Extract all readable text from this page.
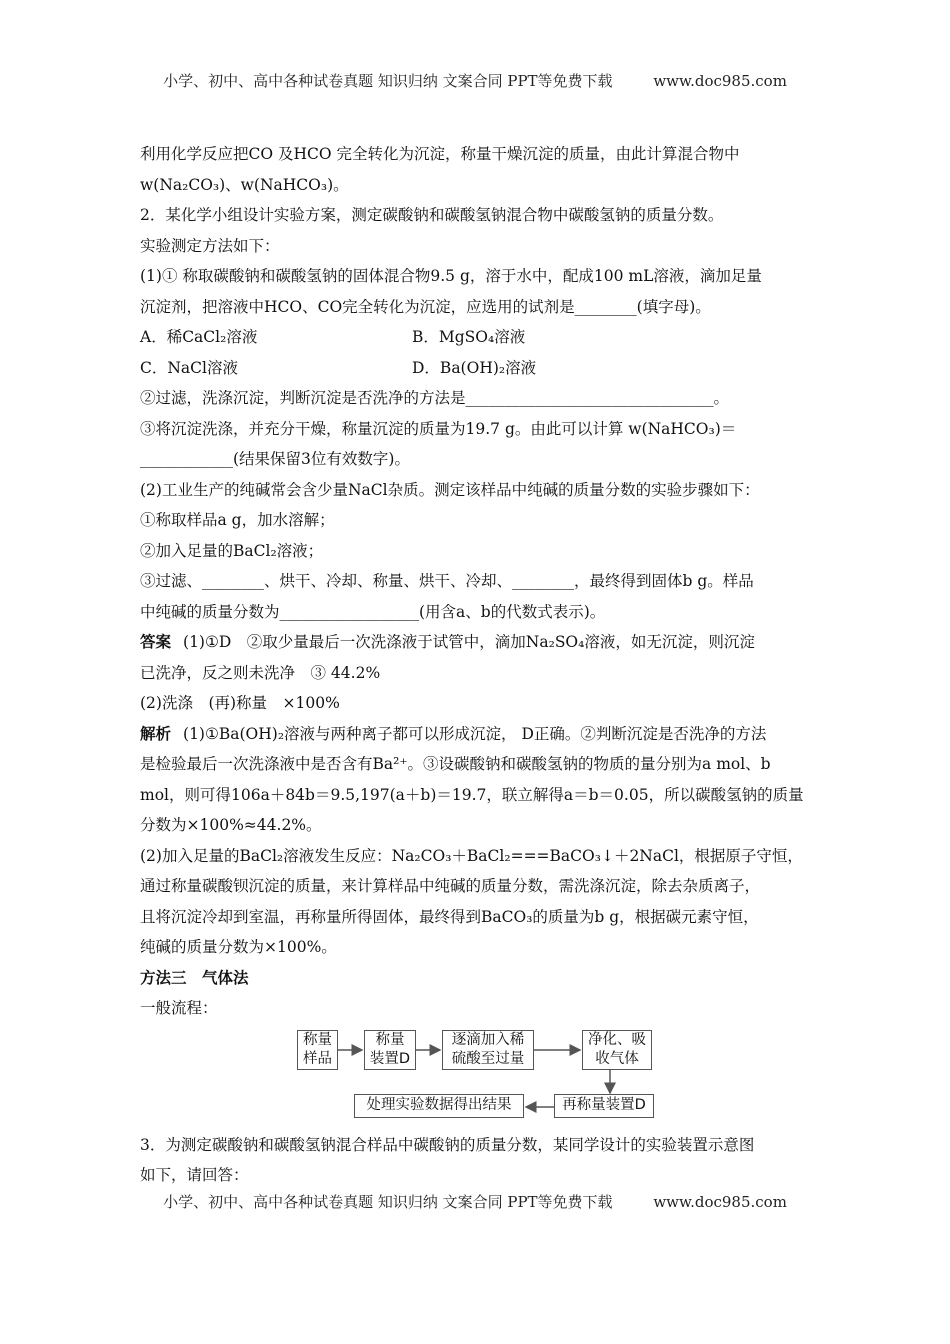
小学、初中、高中各种试卷真题 知识归纳 文案合同 PPT等免费下载	www.doc985.com

利用化学反应把CO 及HCO 完全转化为沉淀，称量干燥沉淀的质量，由此计算混合物中

w(Na₂CO₃)、w(NaHCO₃)。

2．某化学小组设计实验方案，测定碳酸钠和碳酸氢钠混合物中碳酸氢钠的质量分数。

实验测定方法如下：

(1)① 称取碳酸钠和碳酸氢钠的固体混合物9.5 g，溶于水中，配成100 mL溶液，滴加足量

沉淀剂，把溶液中HCO、CO完全转化为沉淀，应选用的试剂是________(填字母)。

A．稀CaCl₂溶液	B．MgSO₄溶液
C．NaCl溶液	D．Ba(OH)₂溶液

②过滤，洗涤沉淀，判断沉淀是否洗净的方法是________________________________。

③将沉淀洗涤，并充分干燥，称量沉淀的质量为19.7 g。由此可以计算 w(NaHCO₃)＝

____________(结果保留3位有效数字)。

(2)工业生产的纯碱常会含少量NaCl杂质。测定该样品中纯碱的质量分数的实验步骤如下：

①称取样品a g，加水溶解；

②加入足量的BaCl₂溶液；

③过滤、________、烘干、冷却、称量、烘干、冷却、________，最终得到固体b g。样品

中纯碱的质量分数为__________________(用含a、b的代数式表示)。

答案 (1)①D　②取少量最后一次洗涤液于试管中，滴加Na₂SO₄溶液，如无沉淀，则沉淀

已洗净，反之则未洗净　③ 44.2%

(2)洗涤　(再)称量　×100%

解析 (1)①Ba(OH)₂溶液与两种离子都可以形成沉淀， D正确。②判断沉淀是否洗净的方法

是检验最后一次洗涤液中是否含有Ba²⁺。③设碳酸钠和碳酸氢钠的物质的量分别为a mol、b

mol，则可得106a＋84b＝9.5,197(a＋b)＝19.7，联立解得a＝b＝0.05，所以碳酸氢钠的质量

分数为×100%≈44.2%。

(2)加入足量的BaCl₂溶液发生反应：Na₂CO₃＋BaCl₂===BaCO₃↓＋2NaCl，根据原子守恒，

通过称量碳酸钡沉淀的质量，来计算样品中纯碱的质量分数，需洗涤沉淀，除去杂质离子，

且将沉淀冷却到室温，再称量所得固体，最终得到BaCO₃的质量为b g，根据碳元素守恒，

纯碱的质量分数为×100%。

方法三　气体法

一般流程：

称量
样品
称量
装置D
逐滴加入稀
硫酸至过量
净化、吸
收气体
再称量装置D
处理实验数据得出结果

3．为测定碳酸钠和碳酸氢钠混合样品中碳酸钠的质量分数，某同学设计的实验装置示意图

如下，请回答：

小学、初中、高中各种试卷真题 知识归纳 文案合同 PPT等免费下载	www.doc985.com
